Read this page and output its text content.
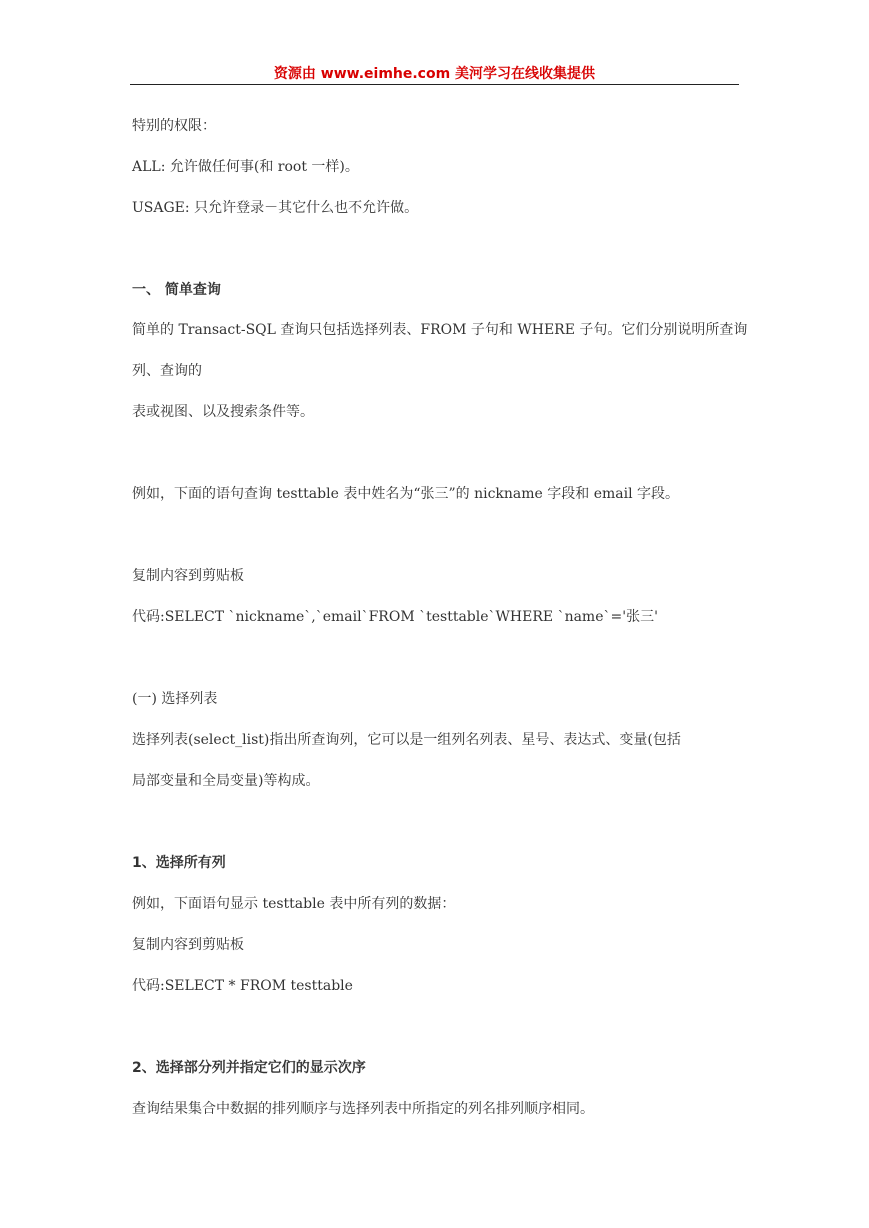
资源由 www.eimhe.com 美河学习在线收集提供
特别的权限：
ALL: 允许做任何事(和 root 一样)。
USAGE: 只允许登录－其它什么也不允许做。
一、 简单查询
简单的 Transact-SQL 查询只包括选择列表、FROM 子句和 WHERE 子句。它们分别说明所查询
列、查询的
表或视图、以及搜索条件等。
例如，下面的语句查询 testtable 表中姓名为“张三”的 nickname 字段和 email 字段。
复制内容到剪贴板
代码:SELECT `nickname`,`email`FROM `testtable`WHERE `name`='张三'
(一) 选择列表
选择列表(select_list)指出所查询列，它可以是一组列名列表、星号、表达式、变量(包括
局部变量和全局变量)等构成。
1、选择所有列
例如，下面语句显示 testtable 表中所有列的数据：
复制内容到剪贴板
代码:SELECT * FROM testtable
2、选择部分列并指定它们的显示次序
查询结果集合中数据的排列顺序与选择列表中所指定的列名排列顺序相同。
